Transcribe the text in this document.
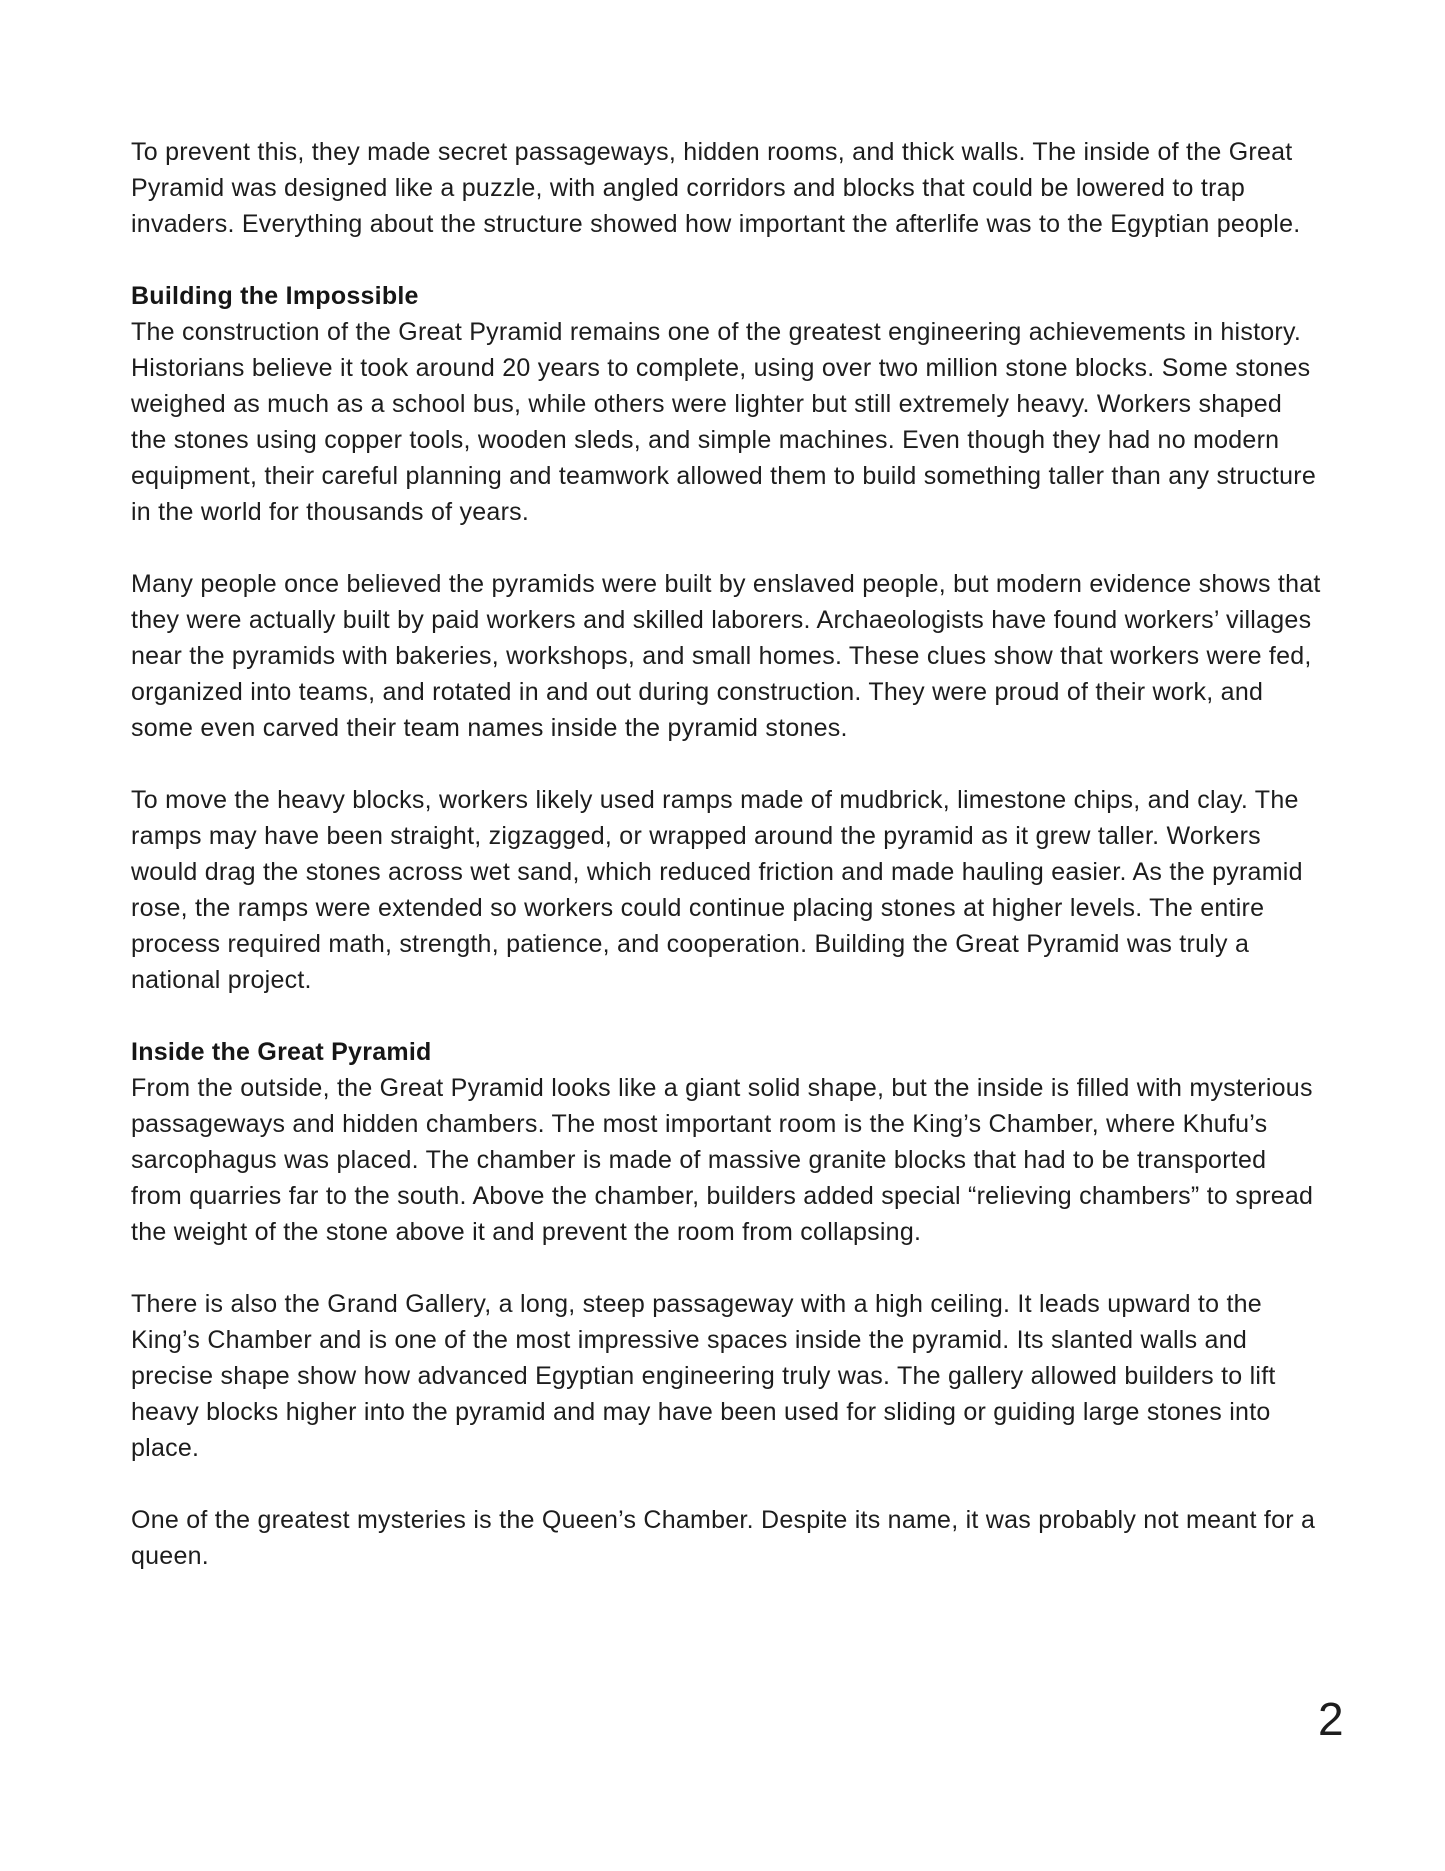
To prevent this, they made secret passageways, hidden rooms, and thick walls. The inside of the Great Pyramid was designed like a puzzle, with angled corridors and blocks that could be lowered to trap invaders. Everything about the structure showed how important the afterlife was to the Egyptian people.

Building the Impossible

The construction of the Great Pyramid remains one of the greatest engineering achievements in history. Historians believe it took around 20 years to complete, using over two million stone blocks. Some stones weighed as much as a school bus, while others were lighter but still extremely heavy. Workers shaped the stones using copper tools, wooden sleds, and simple machines. Even though they had no modern equipment, their careful planning and teamwork allowed them to build something taller than any structure in the world for thousands of years.

Many people once believed the pyramids were built by enslaved people, but modern evidence shows that they were actually built by paid workers and skilled laborers. Archaeologists have found workers’ villages near the pyramids with bakeries, workshops, and small homes. These clues show that workers were fed, organized into teams, and rotated in and out during construction. They were proud of their work, and some even carved their team names inside the pyramid stones.

To move the heavy blocks, workers likely used ramps made of mudbrick, limestone chips, and clay. The ramps may have been straight, zigzagged, or wrapped around the pyramid as it grew taller. Workers would drag the stones across wet sand, which reduced friction and made hauling easier. As the pyramid rose, the ramps were extended so workers could continue placing stones at higher levels. The entire process required math, strength, patience, and cooperation. Building the Great Pyramid was truly a national project.

Inside the Great Pyramid

From the outside, the Great Pyramid looks like a giant solid shape, but the inside is filled with mysterious passageways and hidden chambers. The most important room is the King’s Chamber, where Khufu’s sarcophagus was placed. The chamber is made of massive granite blocks that had to be transported from quarries far to the south. Above the chamber, builders added special “relieving chambers” to spread the weight of the stone above it and prevent the room from collapsing.

There is also the Grand Gallery, a long, steep passageway with a high ceiling. It leads upward to the King’s Chamber and is one of the most impressive spaces inside the pyramid. Its slanted walls and precise shape show how advanced Egyptian engineering truly was. The gallery allowed builders to lift heavy blocks higher into the pyramid and may have been used for sliding or guiding large stones into place.

One of the greatest mysteries is the Queen’s Chamber. Despite its name, it was probably not meant for a queen.

2
